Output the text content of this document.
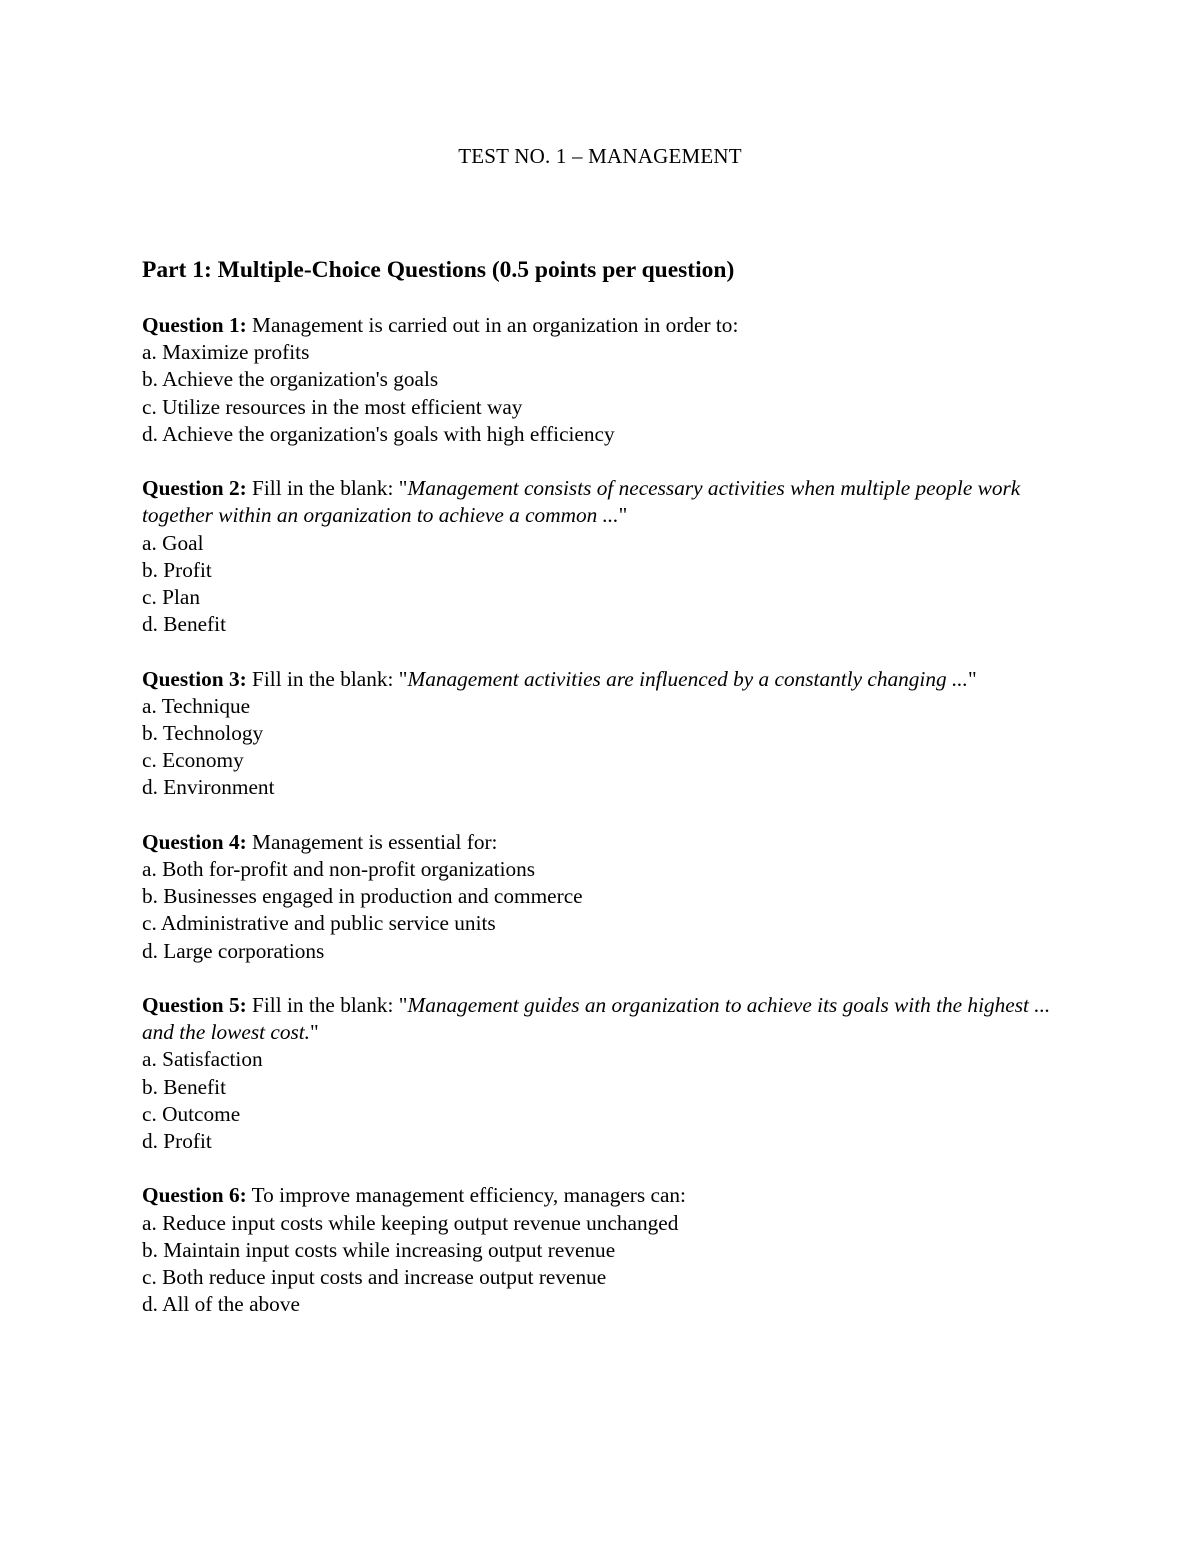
TEST NO. 1 – MANAGEMENT
Part 1: Multiple-Choice Questions (0.5 points per question)

Question 1: Management is carried out in an organization in order to:

a. Maximize profits

b. Achieve the organization's goals

c. Utilize resources in the most efficient way

d. Achieve the organization's goals with high efficiency

Question 2: Fill in the blank: "Management consists of necessary activities when multiple people work together within an organization to achieve a common ..."

a. Goal

b. Profit

c. Plan

d. Benefit

Question 3: Fill in the blank: "Management activities are influenced by a constantly changing ..."

a. Technique

b. Technology

c. Economy

d. Environment

Question 4: Management is essential for:

a. Both for-profit and non-profit organizations

b. Businesses engaged in production and commerce

c. Administrative and public service units

d. Large corporations

Question 5: Fill in the blank: "Management guides an organization to achieve its goals with the highest ... and the lowest cost."

a. Satisfaction

b. Benefit

c. Outcome

d. Profit

Question 6: To improve management efficiency, managers can:

a. Reduce input costs while keeping output revenue unchanged

b. Maintain input costs while increasing output revenue

c. Both reduce input costs and increase output revenue

d. All of the above
